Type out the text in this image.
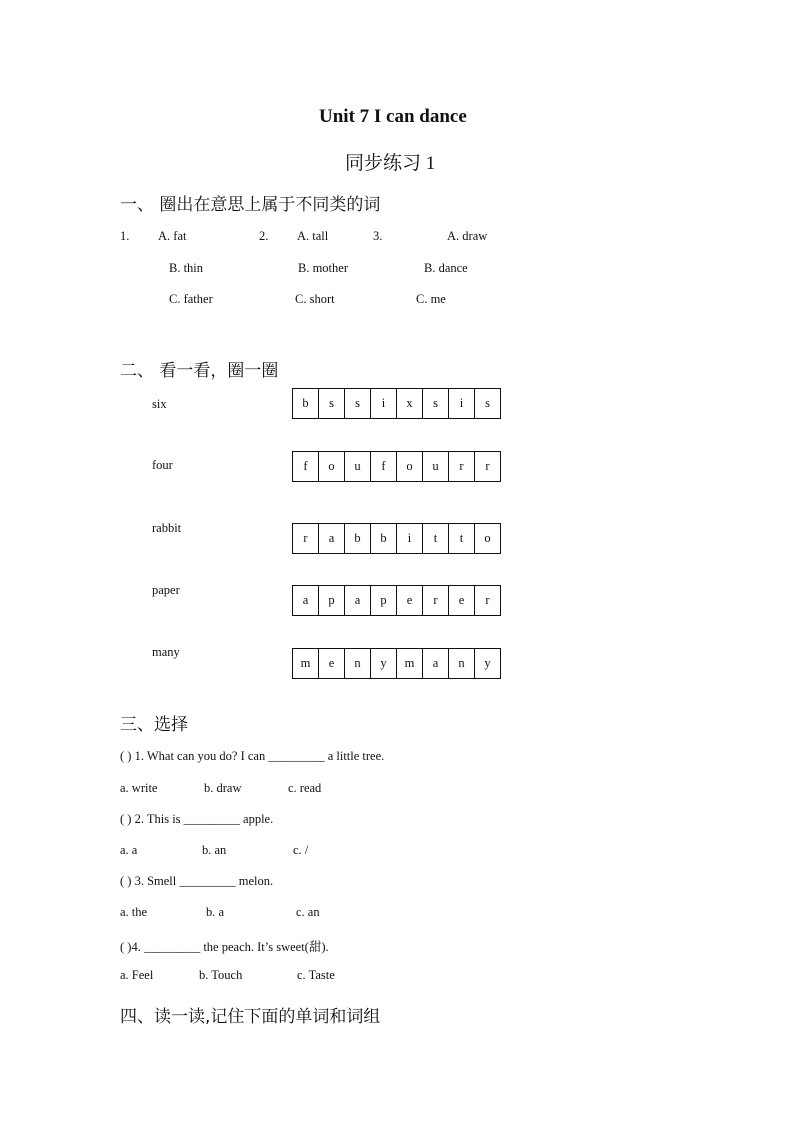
Unit 7 I can dance
同步练习 1
一、 圈出在意思上属于不同类的词
1. A. fat
B. thin
C. father
2. A. tall
B. mother
C. short
3.	A. draw
B. dance
C. me
二、 看一看，圈一圈
six	b	s	s	i	x	s	i	s
four	f	o	u	f	o	u	r	r
rabbit
r	a	b	b	i	t	t	o
paper
a	p	a	p	e	r	e	r
many
m	e	n	y	m	a	n	y
三、选择
( ) 1. What can you do? I can _________ a little tree.
a. write	b. draw	c. read
( ) 2. This is _________ apple.
a. a	b. an	c. /
( ) 3. Smell _________ melon.
a. the	b. a	c. an
( )4. _________ the peach. It’s sweet(甜).
a. Feel	b. Touch	c. Taste
四、读一读,记住下面的单词和词组
